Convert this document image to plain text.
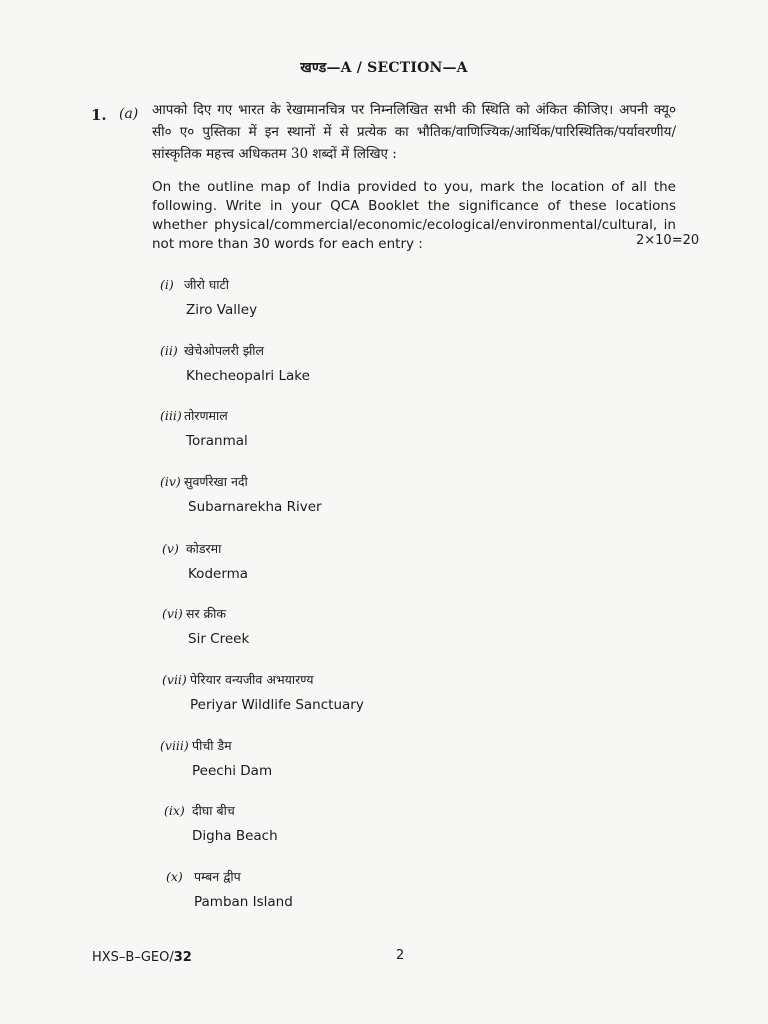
खण्ड—A / SECTION—A
1. (a) आपको दिए गए भारत के रेखामानचित्र पर निम्नलिखित सभी की स्थिति को अंकित कीजिए। अपनी क्यू० सी० ए० पुस्तिका में इन स्थानों में से प्रत्येक का भौतिक/वाणिज्यिक/आर्थिक/पारिस्थितिक/पर्यावरणीय/सांस्कृतिक महत्त्व अधिकतम 30 शब्दों में लिखिए :
On the outline map of India provided to you, mark the location of all the following. Write in your QCA Booklet the significance of these locations whether physical/commercial/economic/ecological/environmental/cultural, in not more than 30 words for each entry :	2×10=20
(i) जीरो घाटी
Ziro Valley
(ii) खेचेओपलरी झील
Khecheopalri Lake
(iii) तोरणमाल
Toranmal
(iv) सुवर्णरेखा नदी
Subarnarekha River
(v) कोडरमा
Koderma
(vi) सर क्रीक
Sir Creek
(vii) पेरियार वन्यजीव अभयारण्य
Periyar Wildlife Sanctuary
(viii) पीची डैम
Peechi Dam
(ix) दीघा बीच
Digha Beach
(x) पम्बन द्वीप
Pamban Island
HXS–B–GEO/32	2
